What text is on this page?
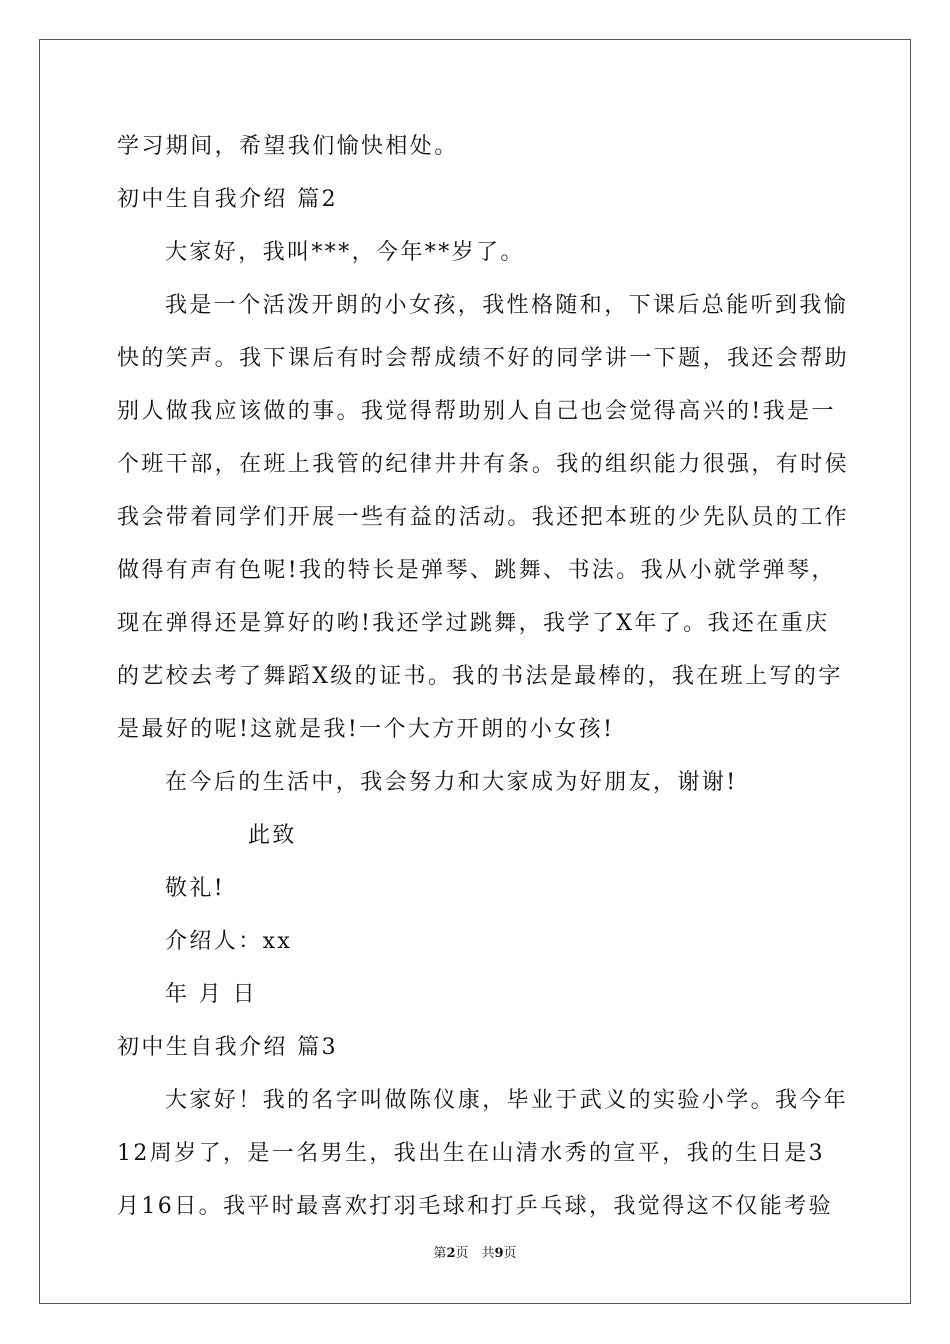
学习期间，希望我们愉快相处。
初中生自我介绍 篇2
大家好，我叫***，今年**岁了。
我是一个活泼开朗的小女孩，我性格随和，下课后总能听到我愉
快的笑声。我下课后有时会帮成绩不好的同学讲一下题，我还会帮助
别人做我应该做的事。我觉得帮助别人自己也会觉得高兴的!我是一
个班干部，在班上我管的纪律井井有条。我的组织能力很强，有时侯
我会带着同学们开展一些有益的活动。我还把本班的少先队员的工作
做得有声有色呢!我的特长是弹琴、跳舞、书法。我从小就学弹琴，
现在弹得还是算好的哟!我还学过跳舞，我学了X年了。我还在重庆
的艺校去考了舞蹈X级的证书。我的书法是最棒的，我在班上写的字
是最好的呢!这就是我!一个大方开朗的小女孩!
在今后的生活中，我会努力和大家成为好朋友，谢谢!
此致
敬礼!
介绍人：xx
年 月 日
初中生自我介绍 篇3
大家好！我的名字叫做陈仪康，毕业于武义的实验小学。我今年
12周岁了，是一名男生，我出生在山清水秀的宣平，我的生日是3
月16日。我平时最喜欢打羽毛球和打乒乓球，我觉得这不仅能考验
第2页　共9页
